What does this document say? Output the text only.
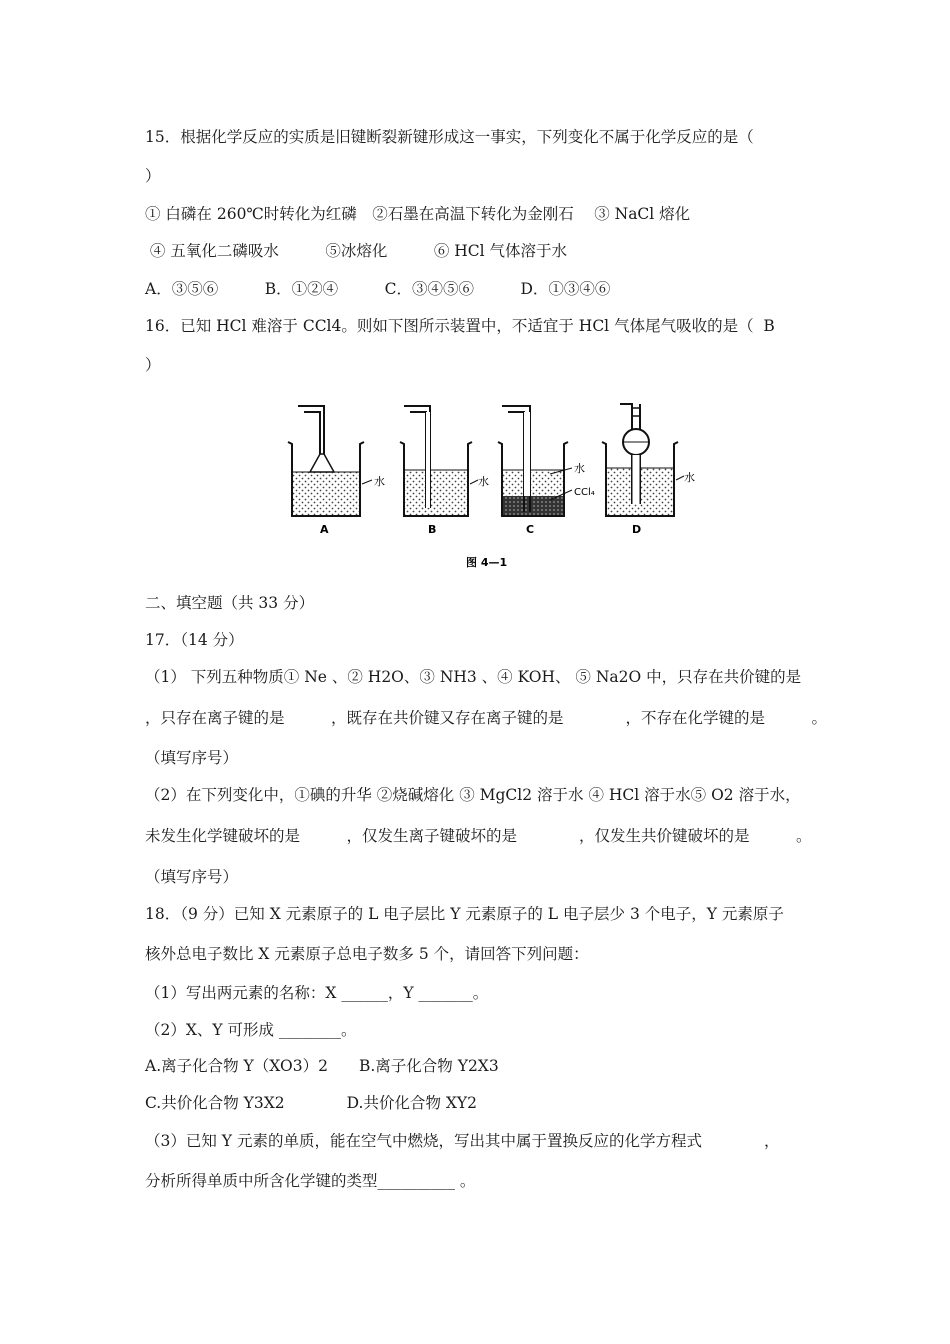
15．根据化学反应的实质是旧键断裂新键形成这一事实，下列变化不属于化学反应的是（
）
① 白磷在 260℃时转化为红磷　②石墨在高温下转化为金刚石　 ③ NaCl 熔化
④ 五氧化二磷吸水　　　⑤冰熔化　　　⑥ HCl 气体溶于水
A．③⑤⑥　　　B．①②④　　　C．③④⑤⑥　　　D．①③④⑥
16．已知 HCl 难溶于 CCl4。则如下图所示装置中，不适宜于 HCl 气体尾气吸收的是（  B
）
水
A
水
B
水
CCl₄
C
水
D
图 4—1
二、填空题（共 33 分）
17．（14 分）
（1） 下列五种物质① Ne 、② H2O、③ NH3 、④ KOH、 ⑤ Na2O 中，只存在共价键的是
，只存在离子键的是　　　，既存在共价键又存在离子键的是　　　　，不存在化学键的是　　　。
（填写序号）
（2）在下列变化中，①碘的升华 ②烧碱熔化 ③ MgCl2 溶于水 ④ HCl 溶于水⑤ O2 溶于水，
未发生化学键破坏的是　　　，仅发生离子键破坏的是　　　　，仅发生共价键破坏的是　　　。
（填写序号）
18．（9 分）已知 X 元素原子的 L 电子层比 Y 元素原子的 L 电子层少 3 个电子，Y 元素原子
核外总电子数比 X 元素原子总电子数多 5 个，请回答下列问题：
（1）写出两元素的名称：X ______，Y _______。
（2）X、Y 可形成 ________。
A.离子化合物 Y（XO3）2　　B.离子化合物 Y2X3
C.共价化合物 Y3X2　　　　D.共价化合物 XY2
（3）已知 Y 元素的单质，能在空气中燃烧，写出其中属于置换反应的化学方程式　　　　，
分析所得单质中所含化学键的类型__________ 。
